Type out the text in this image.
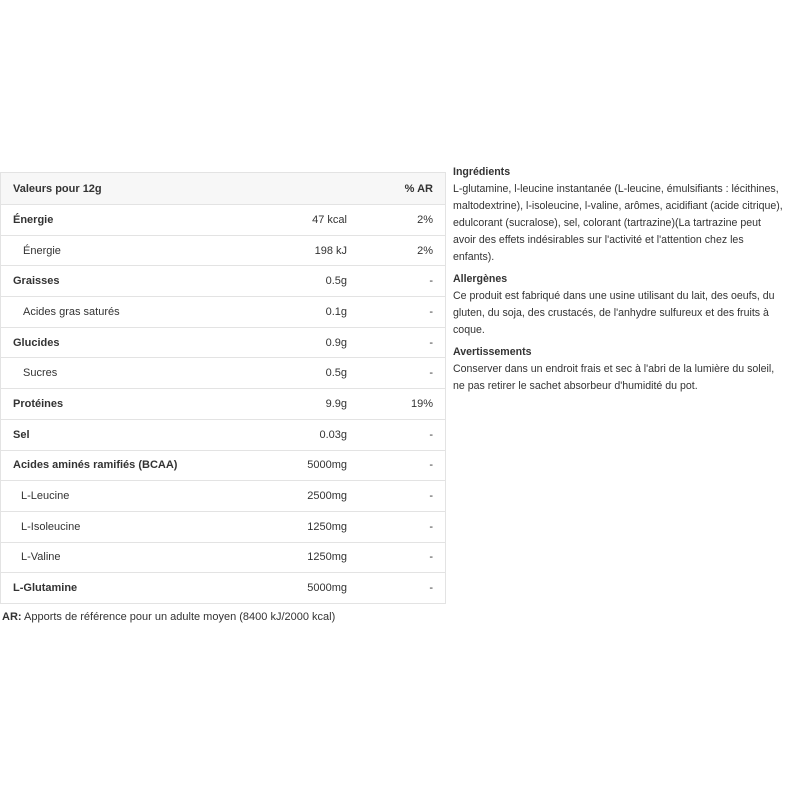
Valeurs pour 12g		% AR
Énergie	47 kcal	2%
Énergie	198 kJ	2%
Graisses	0.5g	-
Acides gras saturés	0.1g	-
Glucides	0.9g	-
Sucres	0.5g	-
Protéines	9.9g	19%
Sel	0.03g	-
Acides aminés ramifiés (BCAA)	5000mg	-
L-Leucine	2500mg	-
L-Isoleucine	1250mg	-
L-Valine	1250mg	-
L-Glutamine	5000mg	-
AR: Apports de référence pour un adulte moyen (8400 kJ/2000 kcal)
Ingrédients
L-glutamine, l-leucine instantanée (L-leucine, émulsifiants : lécithines, maltodextrine), l-isoleucine, l-valine, arômes, acidifiant (acide citrique), edulcorant (sucralose), sel, colorant (tartrazine)(La tartrazine peut avoir des effets indésirables sur l'activité et l'attention chez les enfants).
Allergènes
Ce produit est fabriqué dans une usine utilisant du lait, des oeufs, du gluten, du soja, des crustacés, de l'anhydre sulfureux et des fruits à coque.
Avertissements
Conserver dans un endroit frais et sec à l'abri de la lumière du soleil, ne pas retirer le sachet absorbeur d'humidité du pot.
